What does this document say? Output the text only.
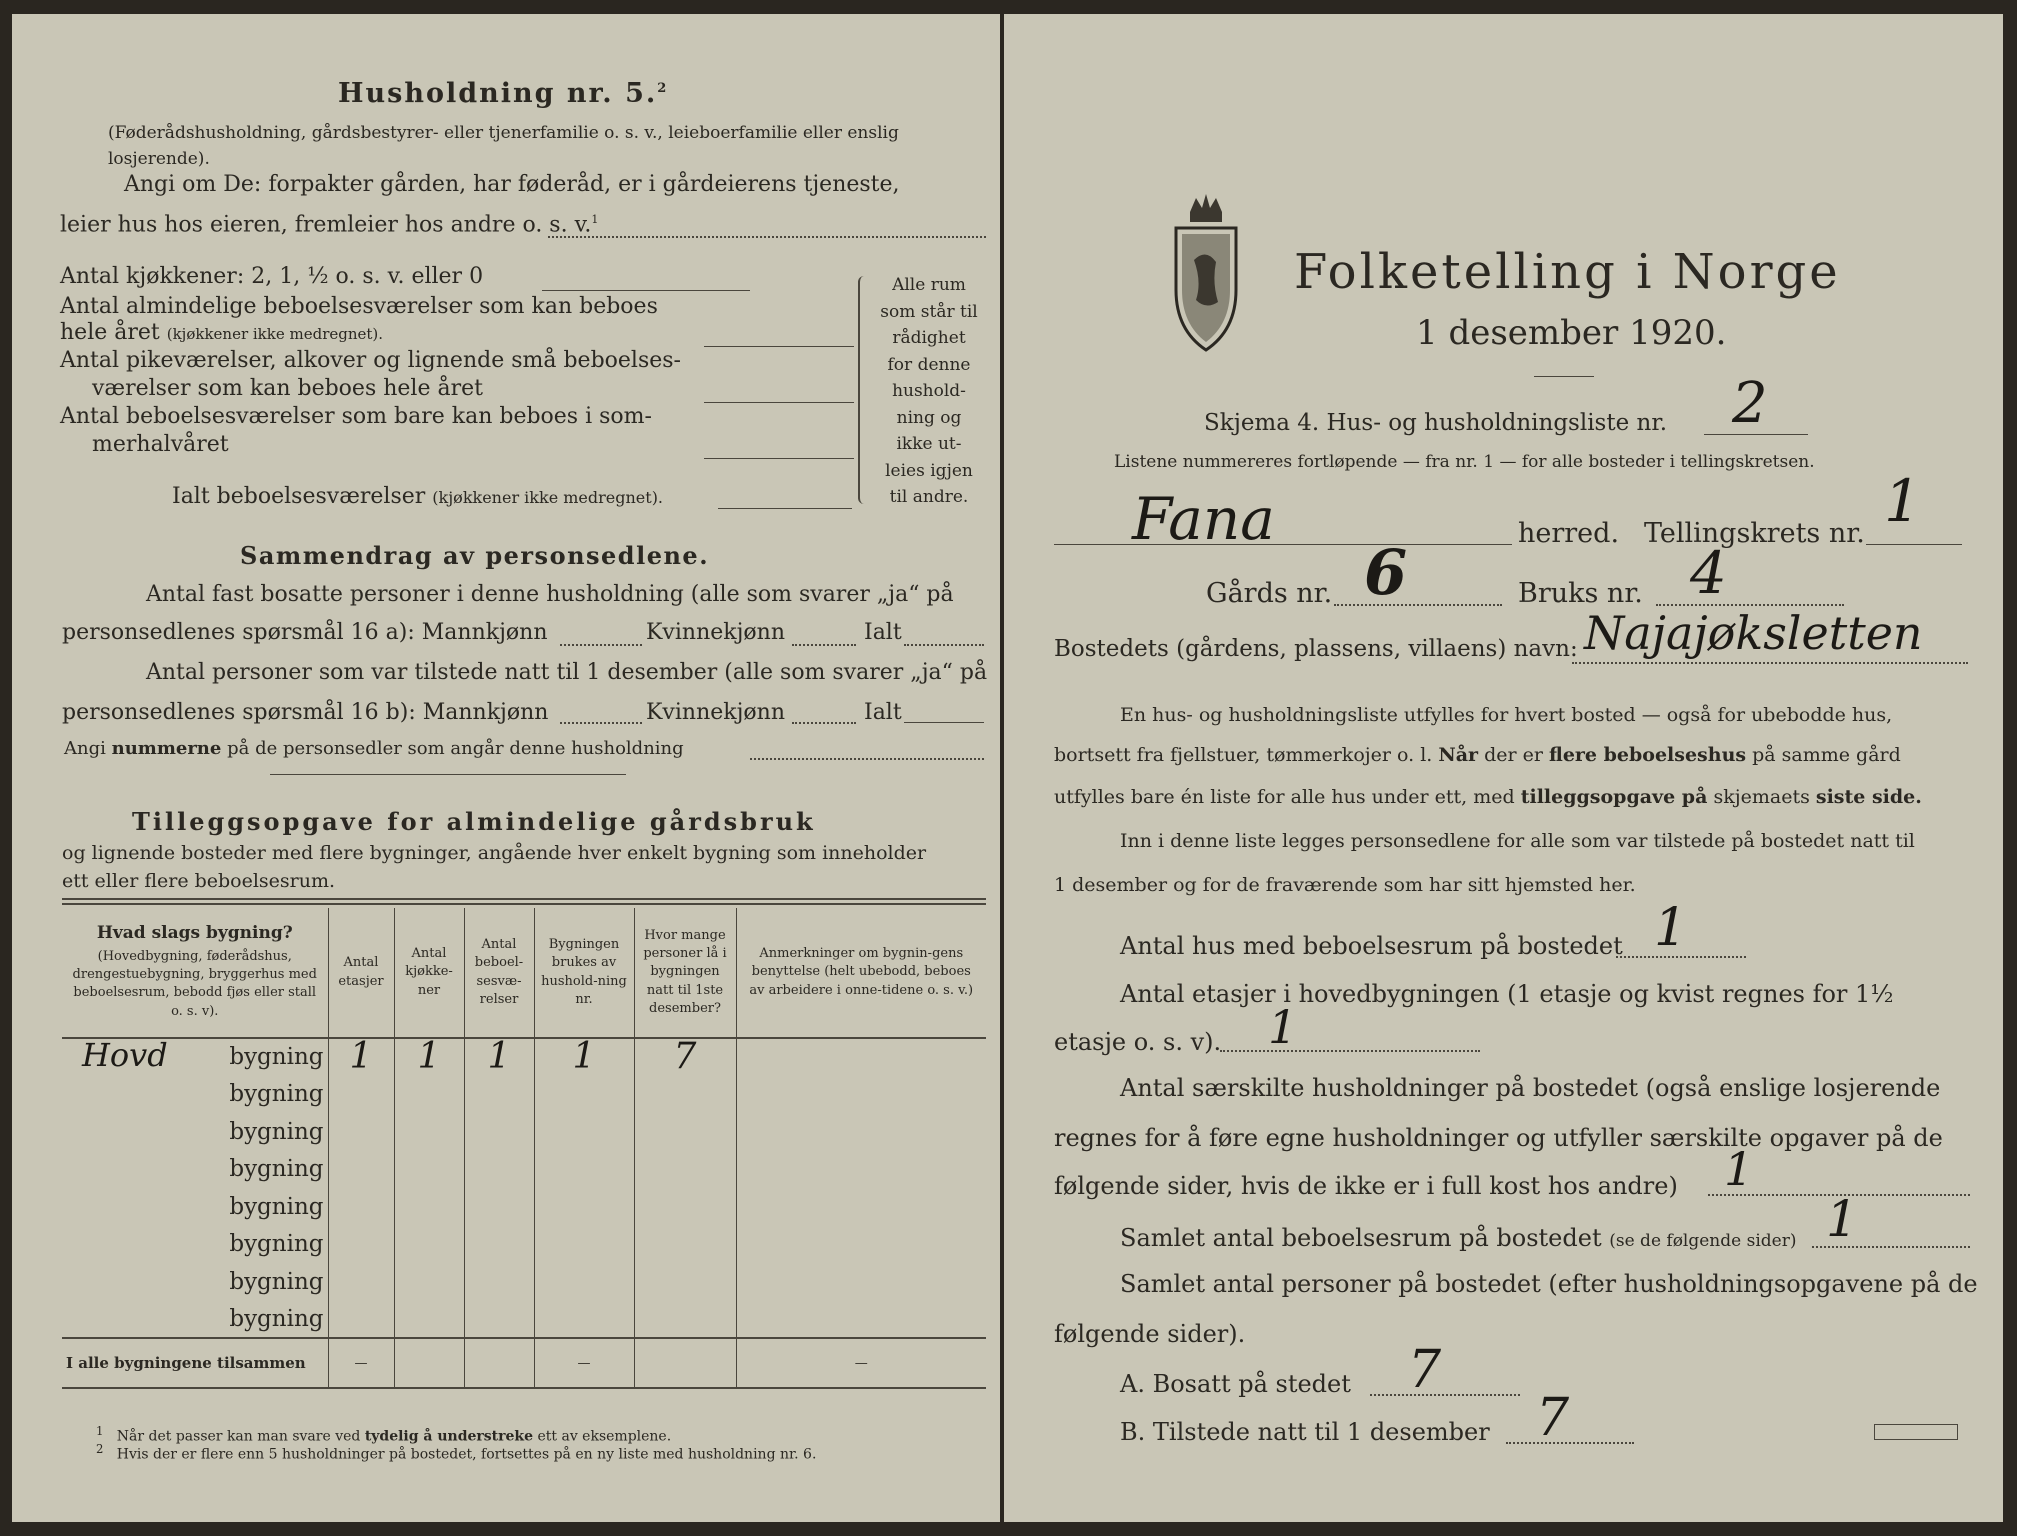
Husholdning nr. 5.$^2$
(Føderådshusholdning, gårdsbestyrer- eller tjenerfamilie o. s. v., leieboerfamilie eller enslig losjerende).
Angi om De: forpakter gården, har føderåd, er i gårdeierens tjeneste,
leier hus hos eieren, fremleier hos andre o. s. v.$^1$
Antal kjøkkener: 2, 1, ½ o. s. v. eller 0
Antal almindelige beboelsesværelser som kan beboes
hele året (kjøkkener ikke medregnet).
Antal pikeværelser, alkover og lignende små beboelses-
værelser som kan beboes hele året
Antal beboelsesværelser som bare kan beboes i som-
merhalvåret
Ialt beboelsesværelser (kjøkkener ikke medregnet).
Alle rum
som står til
rådighet
for denne
hushold-
ning og
ikke ut-
leies igjen
til andre.
Sammendrag av personsedlene.
Antal fast bosatte personer i denne husholdning (alle som svarer „ja“ på
personsedlenes spørsmål 16 a): Mannkjønn	Kvinnekjønn	Ialt
Antal personer som var tilstede natt til 1 desember (alle som svarer „ja“ på
personsedlenes spørsmål 16 b): Mannkjønn	Kvinnekjønn	Ialt
Angi nummerne på de personsedler som angår denne husholdning
Tilleggsopgave for almindelige gårdsbruk
og lignende bosteder med flere bygninger, angående hver enkelt bygning som inneholder
ett eller flere beboelsesrum.
Hvad slags bygning?
(Hovedbygning, føderådshus, drengestuebygning, bryggerhus med beboelsesrum, bebodd fjøs eller stall o. s. v).	Antal etasjer	Antal kjøkke-ner	Antal beboel-sesvæ-relser	Bygningen brukes av hushold-ning nr.	Hvor mange personer lå i bygningen natt til 1ste desember?	Anmerkninger om bygnin-gens benyttelse (helt ubebodd, beboes av arbeidere i onne-tidene o. s. v.)

Hovd bygning	1	1	1	1	7	

bygning						

bygning						

bygning						

bygning						

bygning						

bygning						

bygning						
I alle bygningene tilsammen	—			—		—
$^1$ Når det passer kan man svare ved tydelig å understreke ett av eksemplene.
$^2$ Hvis der er flere enn 5 husholdninger på bostedet, fortsettes på en ny liste med husholdning nr. 6.
Folketelling i Norge
1 desember 1920.
Skjema 4. Hus- og husholdningsliste nr. 2
Listene nummereres fortløpende — fra nr. 1 — for alle bosteder i tellingskretsen.
Fana	herred. Tellingskrets nr. 1
Gårds nr. 6	Bruks nr. 4
Bostedets (gårdens, plassens, villaens) navn: Najajøksletten
En hus- og husholdningsliste utfylles for hvert bosted — også for ubebodde hus,
bortsett fra fjellstuer, tømmerkojer o. l. Når der er flere beboelseshus på samme gård
utfylles bare én liste for alle hus under ett, med tilleggsopgave på skjemaets siste side.
Inn i denne liste legges personsedlene for alle som var tilstede på bostedet natt til
1 desember og for de fraværende som har sitt hjemsted her.
Antal hus med beboelsesrum på bostedet 1
Antal etasjer i hovedbygningen (1 etasje og kvist regnes for 1½
etasje o. s. v). 1
Antal særskilte husholdninger på bostedet (også enslige losjerende
regnes for å føre egne husholdninger og utfyller særskilte opgaver på de
følgende sider, hvis de ikke er i full kost hos andre) 1
Samlet antal beboelsesrum på bostedet (se de følgende sider) 1
Samlet antal personer på bostedet (efter husholdningsopgavene på de
følgende sider).
A. Bosatt på stedet 7
B. Tilstede natt til 1 desember 7
